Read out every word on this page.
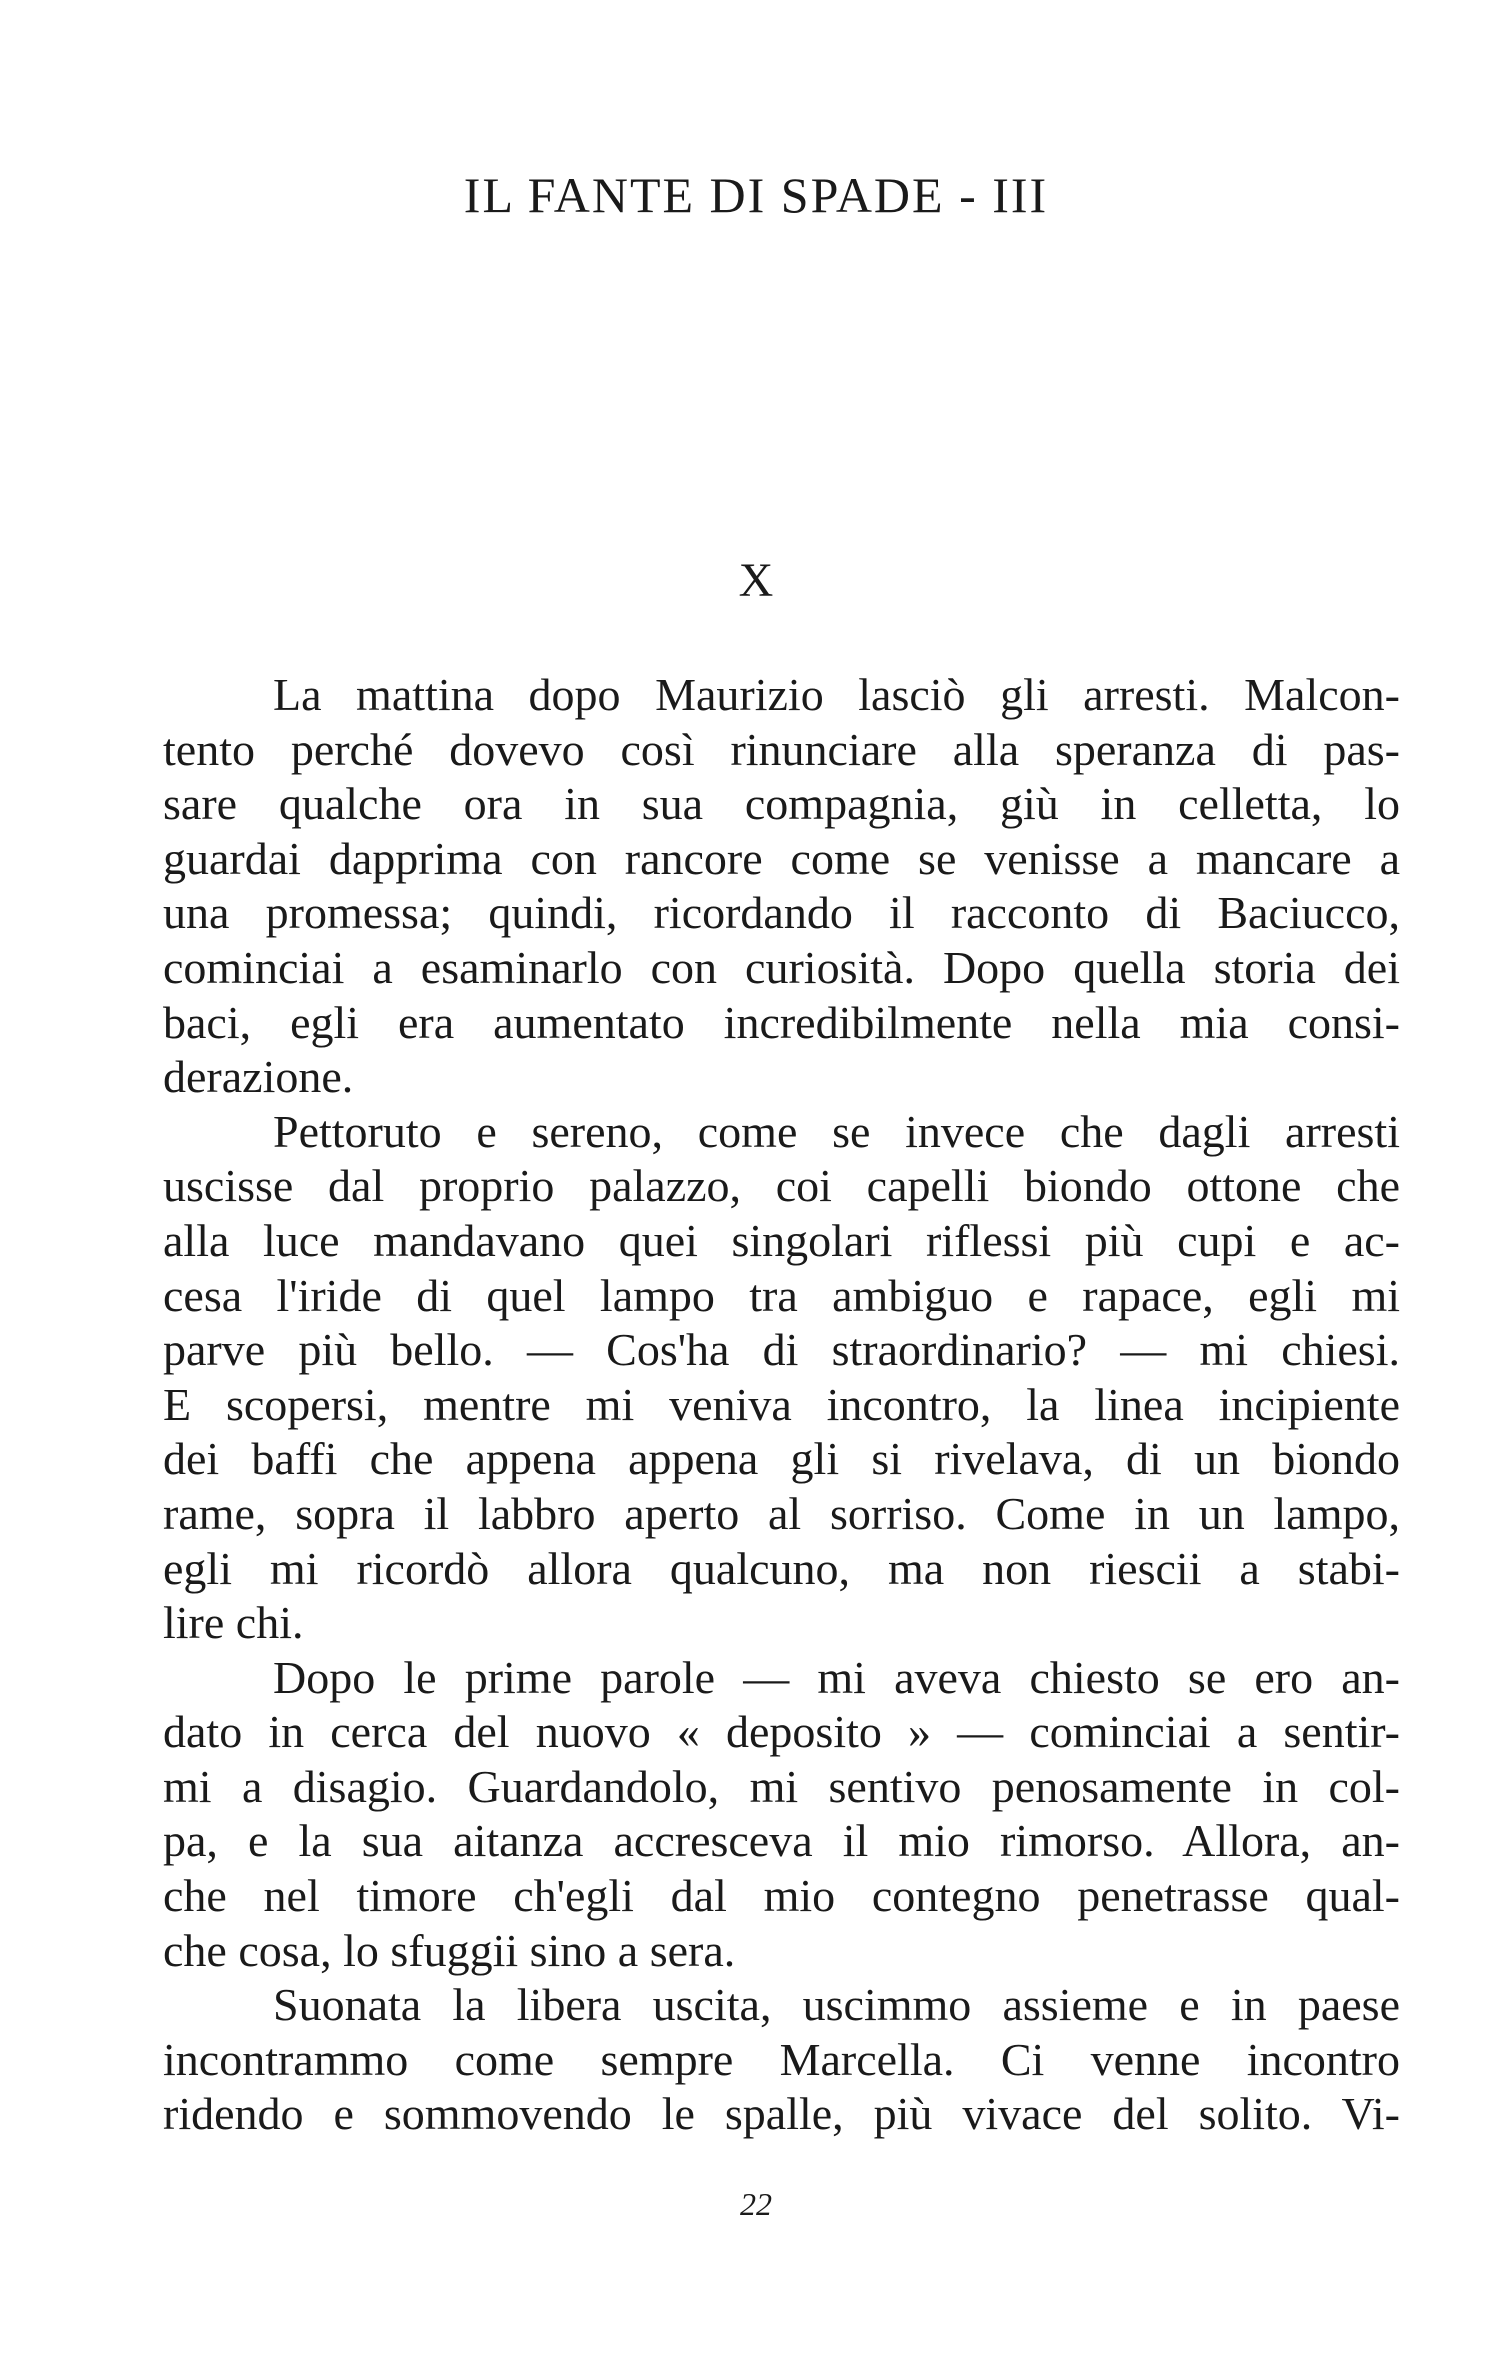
IL FANTE DI SPADE - III
X
La mattina dopo Maurizio lasciò gli arresti. Malcon-
tento perché dovevo così rinunciare alla speranza di pas-
sare qualche ora in sua compagnia, giù in celletta, lo
guardai dapprima con rancore come se venisse a mancare a
una promessa; quindi, ricordando il racconto di Baciucco,
cominciai a esaminarlo con curiosità. Dopo quella storia dei
baci, egli era aumentato incredibilmente nella mia consi-
derazione.
Pettoruto e sereno, come se invece che dagli arresti
uscisse dal proprio palazzo, coi capelli biondo ottone che
alla luce mandavano quei singolari riflessi più cupi e ac-
cesa l'iride di quel lampo tra ambiguo e rapace, egli mi
parve più bello. — Cos'ha di straordinario? — mi chiesi.
E scopersi, mentre mi veniva incontro, la linea incipiente
dei baffi che appena appena gli si rivelava, di un biondo
rame, sopra il labbro aperto al sorriso. Come in un lampo,
egli mi ricordò allora qualcuno, ma non riescii a stabi-
lire chi.
Dopo le prime parole — mi aveva chiesto se ero an-
dato in cerca del nuovo « deposito » — cominciai a sentir-
mi a disagio. Guardandolo, mi sentivo penosamente in col-
pa, e la sua aitanza accresceva il mio rimorso. Allora, an-
che nel timore ch'egli dal mio contegno penetrasse qual-
che cosa, lo sfuggii sino a sera.
Suonata la libera uscita, uscimmo assieme e in paese
incontrammo come sempre Marcella. Ci venne incontro
ridendo e sommovendo le spalle, più vivace del solito. Vi-
22
